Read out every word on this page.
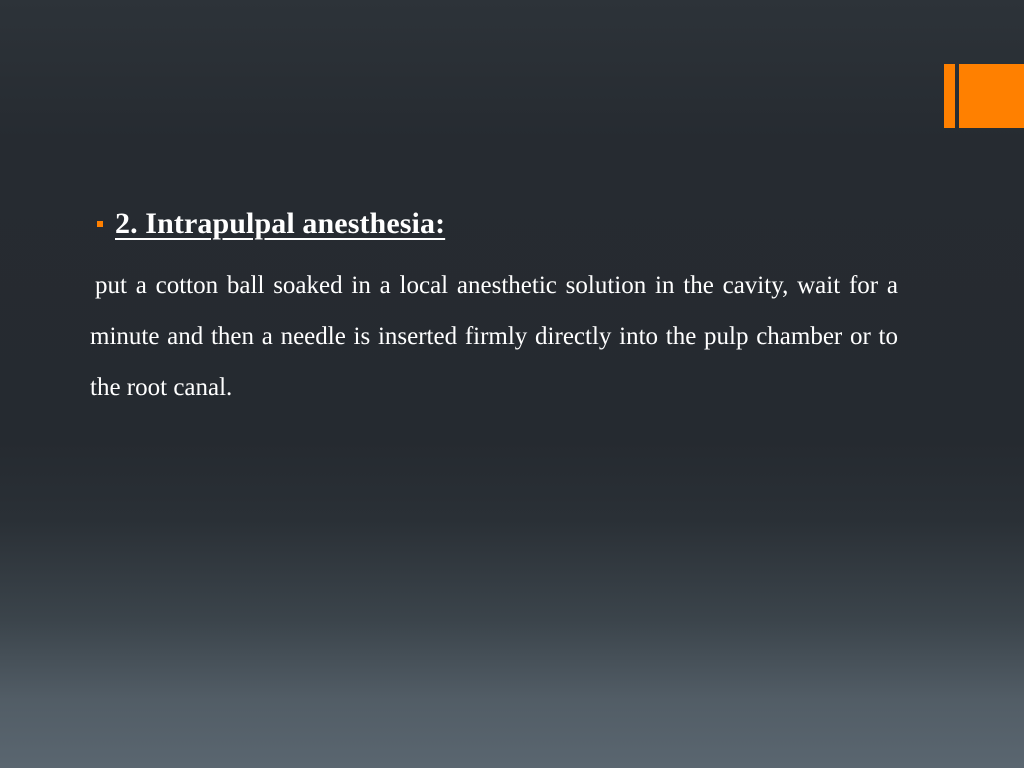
2. Intrapulpal anesthesia:

put a cotton ball soaked in a local anesthetic solution in the cavity, wait for a minute and then a needle is inserted firmly directly into the pulp chamber or to the root canal.
